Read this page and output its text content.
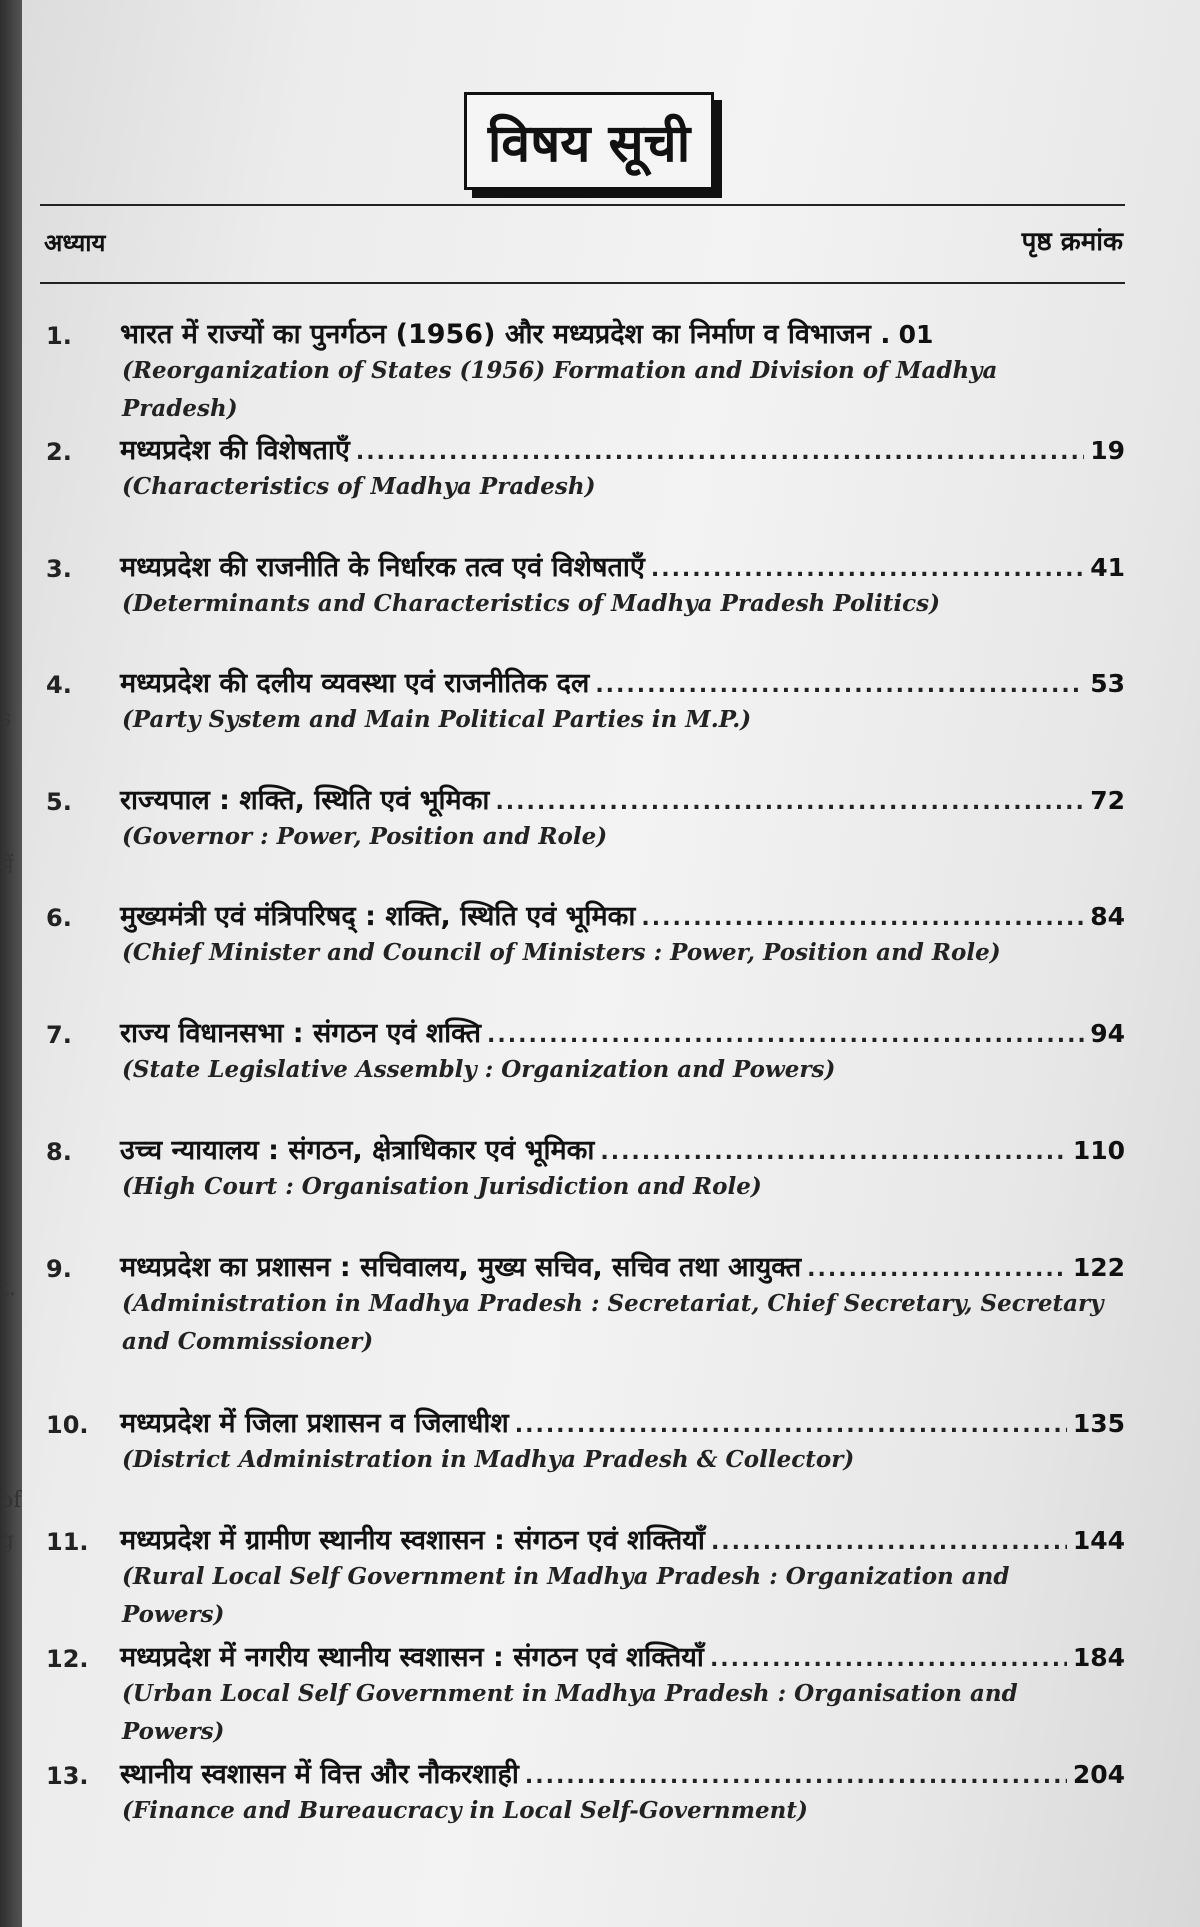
s
में
t.
of
g
विषय सूची
अध्याय	पृष्ठ क्रमांक
1. भारत में राज्यों का पुनर्गठन (1956) और मध्यप्रदेश का निर्माण व विभाजन . 01
(Reorganization of States (1956) Formation and Division of Madhya Pradesh)
2. मध्यप्रदेश की विशेषताएँ .....	19
(Characteristics of Madhya Pradesh)
3. मध्यप्रदेश की राजनीति के निर्धारक तत्व एवं विशेषताएँ .....	41
(Determinants and Characteristics of Madhya Pradesh Politics)
4. मध्यप्रदेश की दलीय व्यवस्था एवं राजनीतिक दल .....	53
(Party System and Main Political Parties in M.P.)
5. राज्यपाल : शक्ति, स्थिति एवं भूमिका .....	72
(Governor : Power, Position and Role)
6. मुख्यमंत्री एवं मंत्रिपरिषद् : शक्ति, स्थिति एवं भूमिका .....	84
(Chief Minister and Council of Ministers : Power, Position and Role)
7. राज्य विधानसभा : संगठन एवं शक्ति .....	94
(State Legislative Assembly : Organization and Powers)
8. उच्च न्यायालय : संगठन, क्षेत्राधिकार एवं भूमिका .....	110
(High Court : Organisation Jurisdiction and Role)
9. मध्यप्रदेश का प्रशासन : सचिवालय, मुख्य सचिव, सचिव तथा आयुक्त .....	122
(Administration in Madhya Pradesh : Secretariat, Chief Secretary, Secretary and Commissioner)
10. मध्यप्रदेश में जिला प्रशासन व जिलाधीश .....	135
(District Administration in Madhya Pradesh & Collector)
11. मध्यप्रदेश में ग्रामीण स्थानीय स्वशासन : संगठन एवं शक्तियाँ .....	144
(Rural Local Self Government in Madhya Pradesh : Organization and Powers)
12. मध्यप्रदेश में नगरीय स्थानीय स्वशासन : संगठन एवं शक्तियाँ .....	184
(Urban Local Self Government in Madhya Pradesh : Organisation and Powers)
13. स्थानीय स्वशासन में वित्त और नौकरशाही .....	204
(Finance and Bureaucracy in Local Self-Government)
